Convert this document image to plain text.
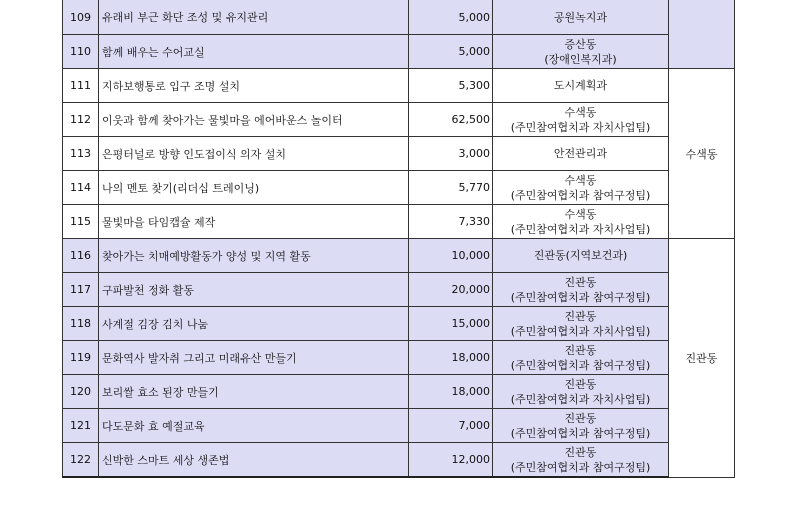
109	유래비 부근 화단 조성 및 유지관리	5,000	공원녹지과	

110	함께 배우는 수어교실	5,000	증산동
(장애인복지과)	

111	지하보행통로 입구 조명 설치	5,300	도시계획과	수색동
112	이웃과 함께 찾아가는 물빛마을 에어바운스 놀이터	62,500	수색동
(주민참여협치과 자치사업팀)	

113	은평터널로 방향 인도접이식 의자 설치	3,000	안전관리과	

114	나의 멘토 찾기(리더십 트레이닝)	5,770	수색동
(주민참여협치과 참여구정팀)	

115	물빛마을 타임캡슐 제작	7,330	수색동
(주민참여협치과 자치사업팀)	

116	찾아가는 치매예방활동가 양성 및 지역 활동	10,000	진관동(지역보건과)	진관동
117	구파발천 정화 활동	20,000	진관동
(주민참여협치과 참여구정팀)	

118	사계절 김장 김치 나눔	15,000	진관동
(주민참여협치과 자치사업팀)	

119	문화역사 발자취 그리고 미래유산 만들기	18,000	진관동
(주민참여협치과 참여구정팀)	

120	보리쌀 효소 된장 만들기	18,000	진관동
(주민참여협치과 자치사업팀)	

121	다도문화 효 예절교육	7,000	진관동
(주민참여협치과 참여구정팀)	

122	신박한 스마트 세상 생존법	12,000	진관동
(주민참여협치과 참여구정팀)	
